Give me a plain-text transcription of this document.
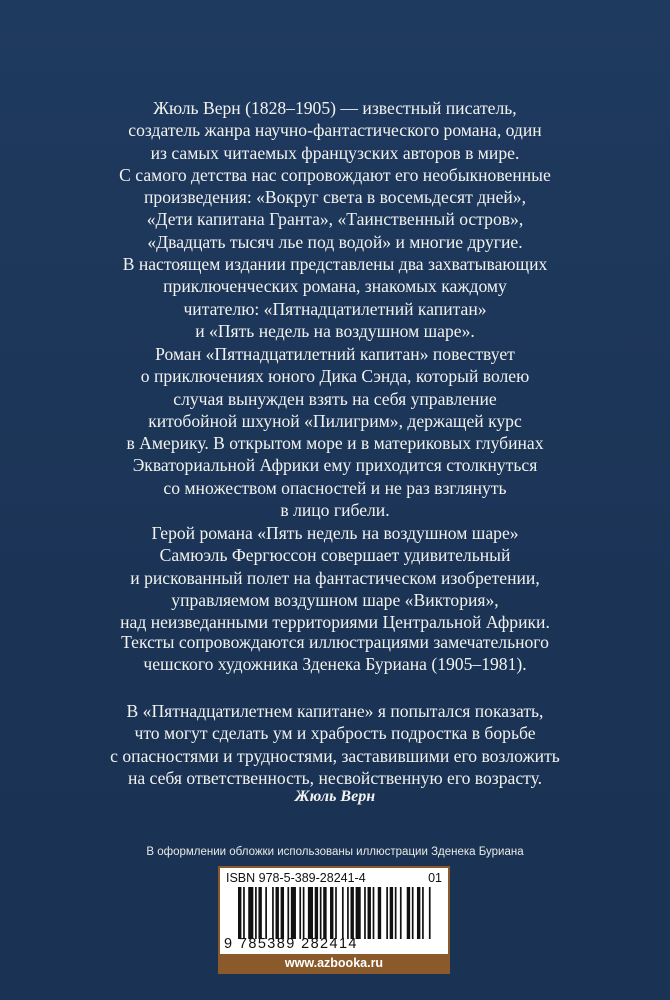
Жюль Верн (1828–1905) — известный писатель,
создатель жанра научно-фантастического романа, один
из самых читаемых французских авторов в мире.
С самого детства нас сопровождают его необыкновенные
произведения: «Вокруг света в восемьдесят дней»,
«Дети капитана Гранта», «Таинственный остров»,
«Двадцать тысяч лье под водой» и многие другие.
В настоящем издании представлены два захватывающих
приключенческих романа, знакомых каждому
читателю: «Пятнадцатилетний капитан»
и «Пять недель на воздушном шаре».
Роман «Пятнадцатилетний капитан» повествует
о приключениях юного Дика Сэнда, который волею
случая вынужден взять на себя управление
китобойной шхуной «Пилигрим», держащей курс
в Америку. В открытом море и в материковых глубинах
Экваториальной Африки ему приходится столкнуться
со множеством опасностей и не раз взглянуть
в лицо гибели.
Герой романа «Пять недель на воздушном шаре»
Самюэль Фергюссон совершает удивительный
и рискованный полет на фантастическом изобретении,
управляемом воздушном шаре «Виктория»,
над неизведанными территориями Центральной Африки.
Тексты сопровождаются иллюстрациями замечательного
чешского художника Зденека Буриана (1905–1981).
В «Пятнадцатилетнем капитане» я попытался показать,
что могут сделать ум и храбрость подростка в борьбе
с опасностями и трудностями, заставившими его возложить
на себя ответственность, несвойственную его возрасту.
Жюль Верн
В оформлении обложки использованы иллюстрации Зденека Буриана
ISBN 978-5-389-28241-4	01
9 785389 282414
www.azbooka.ru
